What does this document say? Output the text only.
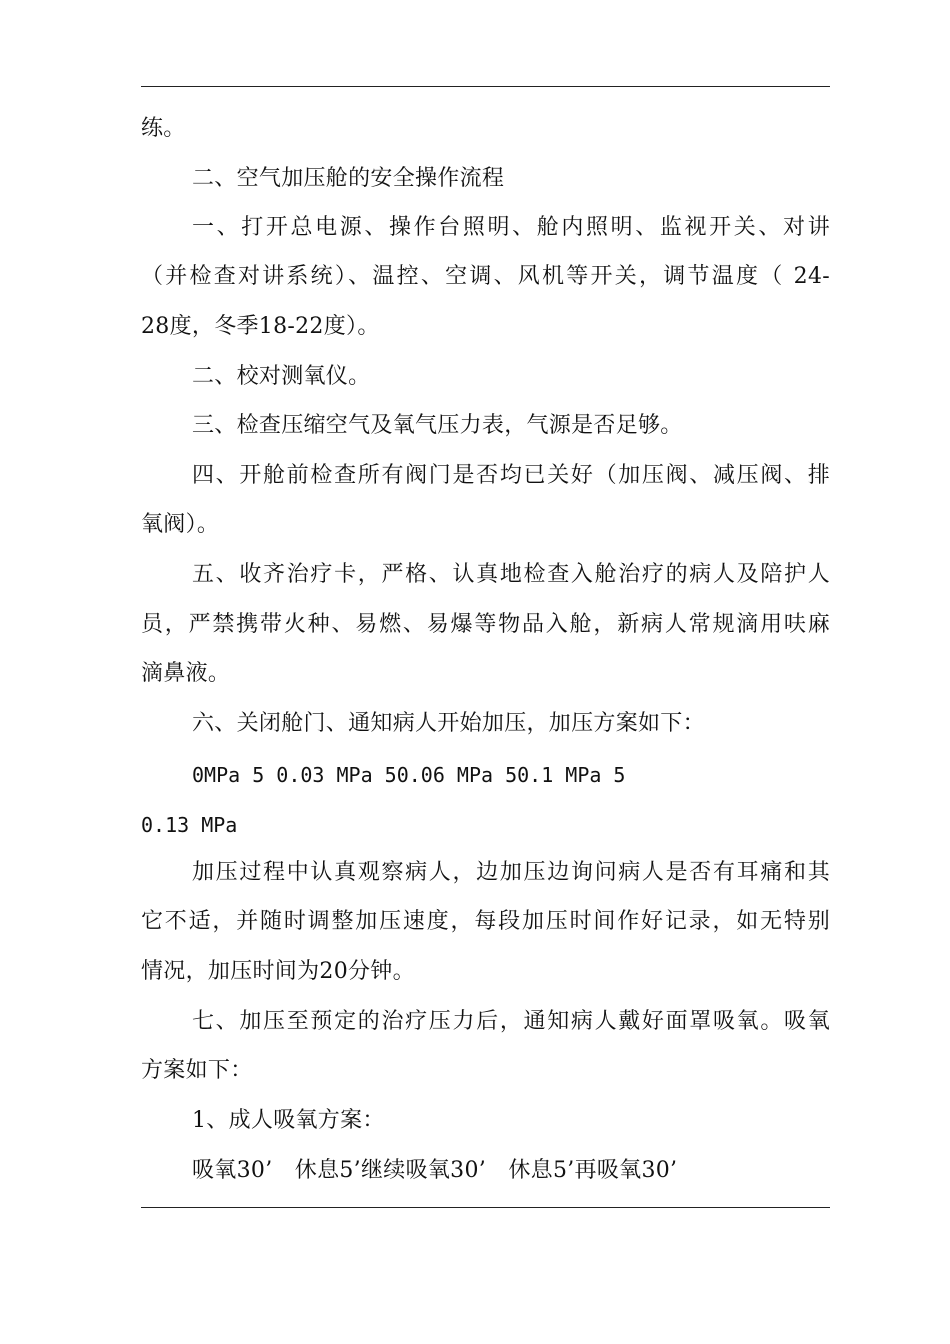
练。
二、空气加压舱的安全操作流程
一、打开总电源、操作台照明、舱内照明、监视开关、对讲
（并检查对讲系统）、温控、空调、风机等开关，调节温度（ 24-
28度，冬季18-22度）。
二、校对测氧仪。
三、检查压缩空气及氧气压力表，气源是否足够。
四、开舱前检查所有阀门是否均已关好（加压阀、减压阀、排
氧阀）。
五、收齐治疗卡，严格、认真地检查入舱治疗的病人及陪护人
员，严禁携带火种、易燃、易爆等物品入舱，新病人常规滴用呋麻
滴鼻液。
六、关闭舱门、通知病人开始加压，加压方案如下：
0MPa 5 0.03 MPa 50.06 MPa 50.1 MPa 5
0.13 MPa
加压过程中认真观察病人，边加压边询问病人是否有耳痛和其
它不适，并随时调整加压速度，每段加压时间作好记录，如无特别
情况，加压时间为20分钟。
七、加压至预定的治疗压力后，通知病人戴好面罩吸氧。吸氧
方案如下：
1、成人吸氧方案：
吸氧30’　休息5’继续吸氧30’　休息5’再吸氧30’
